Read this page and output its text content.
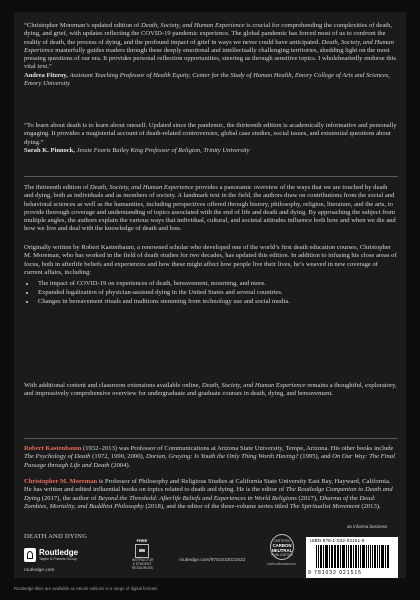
“Christopher Moreman’s updated edition of Death, Society, and Human Experience is crucial for comprehending the complexities of death, dying, and grief, with updates reflecting the COVID-19 pandemic experience. The global pandemic has forced most of us to confront the reality of death, the process of dying, and the profound impact of grief in ways we never could have anticipated. Death, Society, and Human Experience masterfully guides readers through these deeply emotional and intellectually challenging territories, shedding light on the most pressing questions of our era. It provides personal reflection opportunities, steering us through sensitive topics. I wholeheartedly endorse this vital text.”

Andrea Fitzroy, Assistant Teaching Professor of Health Equity, Center for the Study of Human Health, Emory College of Arts and Sciences, Emory University

“To learn about death is to learn about oneself. Updated since the pandemic, the thirteenth edition is academically informative and personally engaging. It provides a magisterial account of death-related controversies, global case studies, social issues, and existential questions about dying.”

Sarah K. Pinnock, Jessie Fearis Bailey King Professor of Religion, Trinity University

The thirteenth edition of Death, Society, and Human Experience provides a panoramic overview of the ways that we are touched by death and dying, both as individuals and as members of society. A landmark text in the field, the authors draw on contributions from the social and behavioral sciences as well as the humanities, including perspectives offered through history, philosophy, religion, literature, and the arts, to provide thorough coverage and understanding of topics associated with the end of life and death and dying. By approaching the subject from multiple angles, the authors explain the various ways that individual, cultural, and societal attitudes influence both how and when we die and how we live and deal with the knowledge of death and loss.

Originally written by Robert Kastenbaum, a renowned scholar who developed one of the world’s first death education courses, Christopher M. Moreman, who has worked in the field of death studies for two decades, has updated this edition. In addition to infusing his close areas of focus, both in afterlife beliefs and experiences and how these might affect how people live their lives, he’s weaved in new coverage of current affairs, including:

• The impact of COVID-19 on experiences of death, bereavement, mourning, and more.
• Expanded legalization of physician-assisted dying in the United States and several countries.
• Changes in bereavement rituals and traditions stemming from technology use and social media.

With additional content and classroom extensions available online, Death, Society, and Human Experience remains a thoughtful, exploratory, and impressively comprehensive overview for undergraduate and graduate courses in death, dying, and bereavement.

Robert Kastenbaum (1932–2013) was Professor of Communications at Arizona State University, Tempe, Arizona. His other books include The Psychology of Death (1972, 1990, 2000), Dorian, Graying: Is Youth the Only Thing Worth Having? (1995), and On Our Way: The Final Passage through Life and Death (2004).

Christopher M. Moreman is Professor of Philosophy and Religious Studies at California State University East Bay, Hayward, California. He has written and edited influential books on topics related to death and dying. He is the editor of The Routledge Companion to Death and Dying (2017), the author of Beyond the Threshold: Afterlife Beliefs and Experiences in World Religions (2017), Dharma of the Dead: Zombies, Mortality, and Buddhist Philosophy (2018), and the editor of the three-volume series titled The Spiritualist Movement (2013).

DEATH AND DYING
Routledge
Taylor & Francis Group
routledge.com
FREE
INSTRUCTOR & STUDENT RESOURCES
routledge.com/9781032021522
CERTIFIED
CARBON NEUTRAL
PUBLICATION
CarbonNeutral.com
ISBN 978-1-032-02151-5
9 781032 021515
an informa business
Routledge titles are available as eBook editions in a range of digital formats
